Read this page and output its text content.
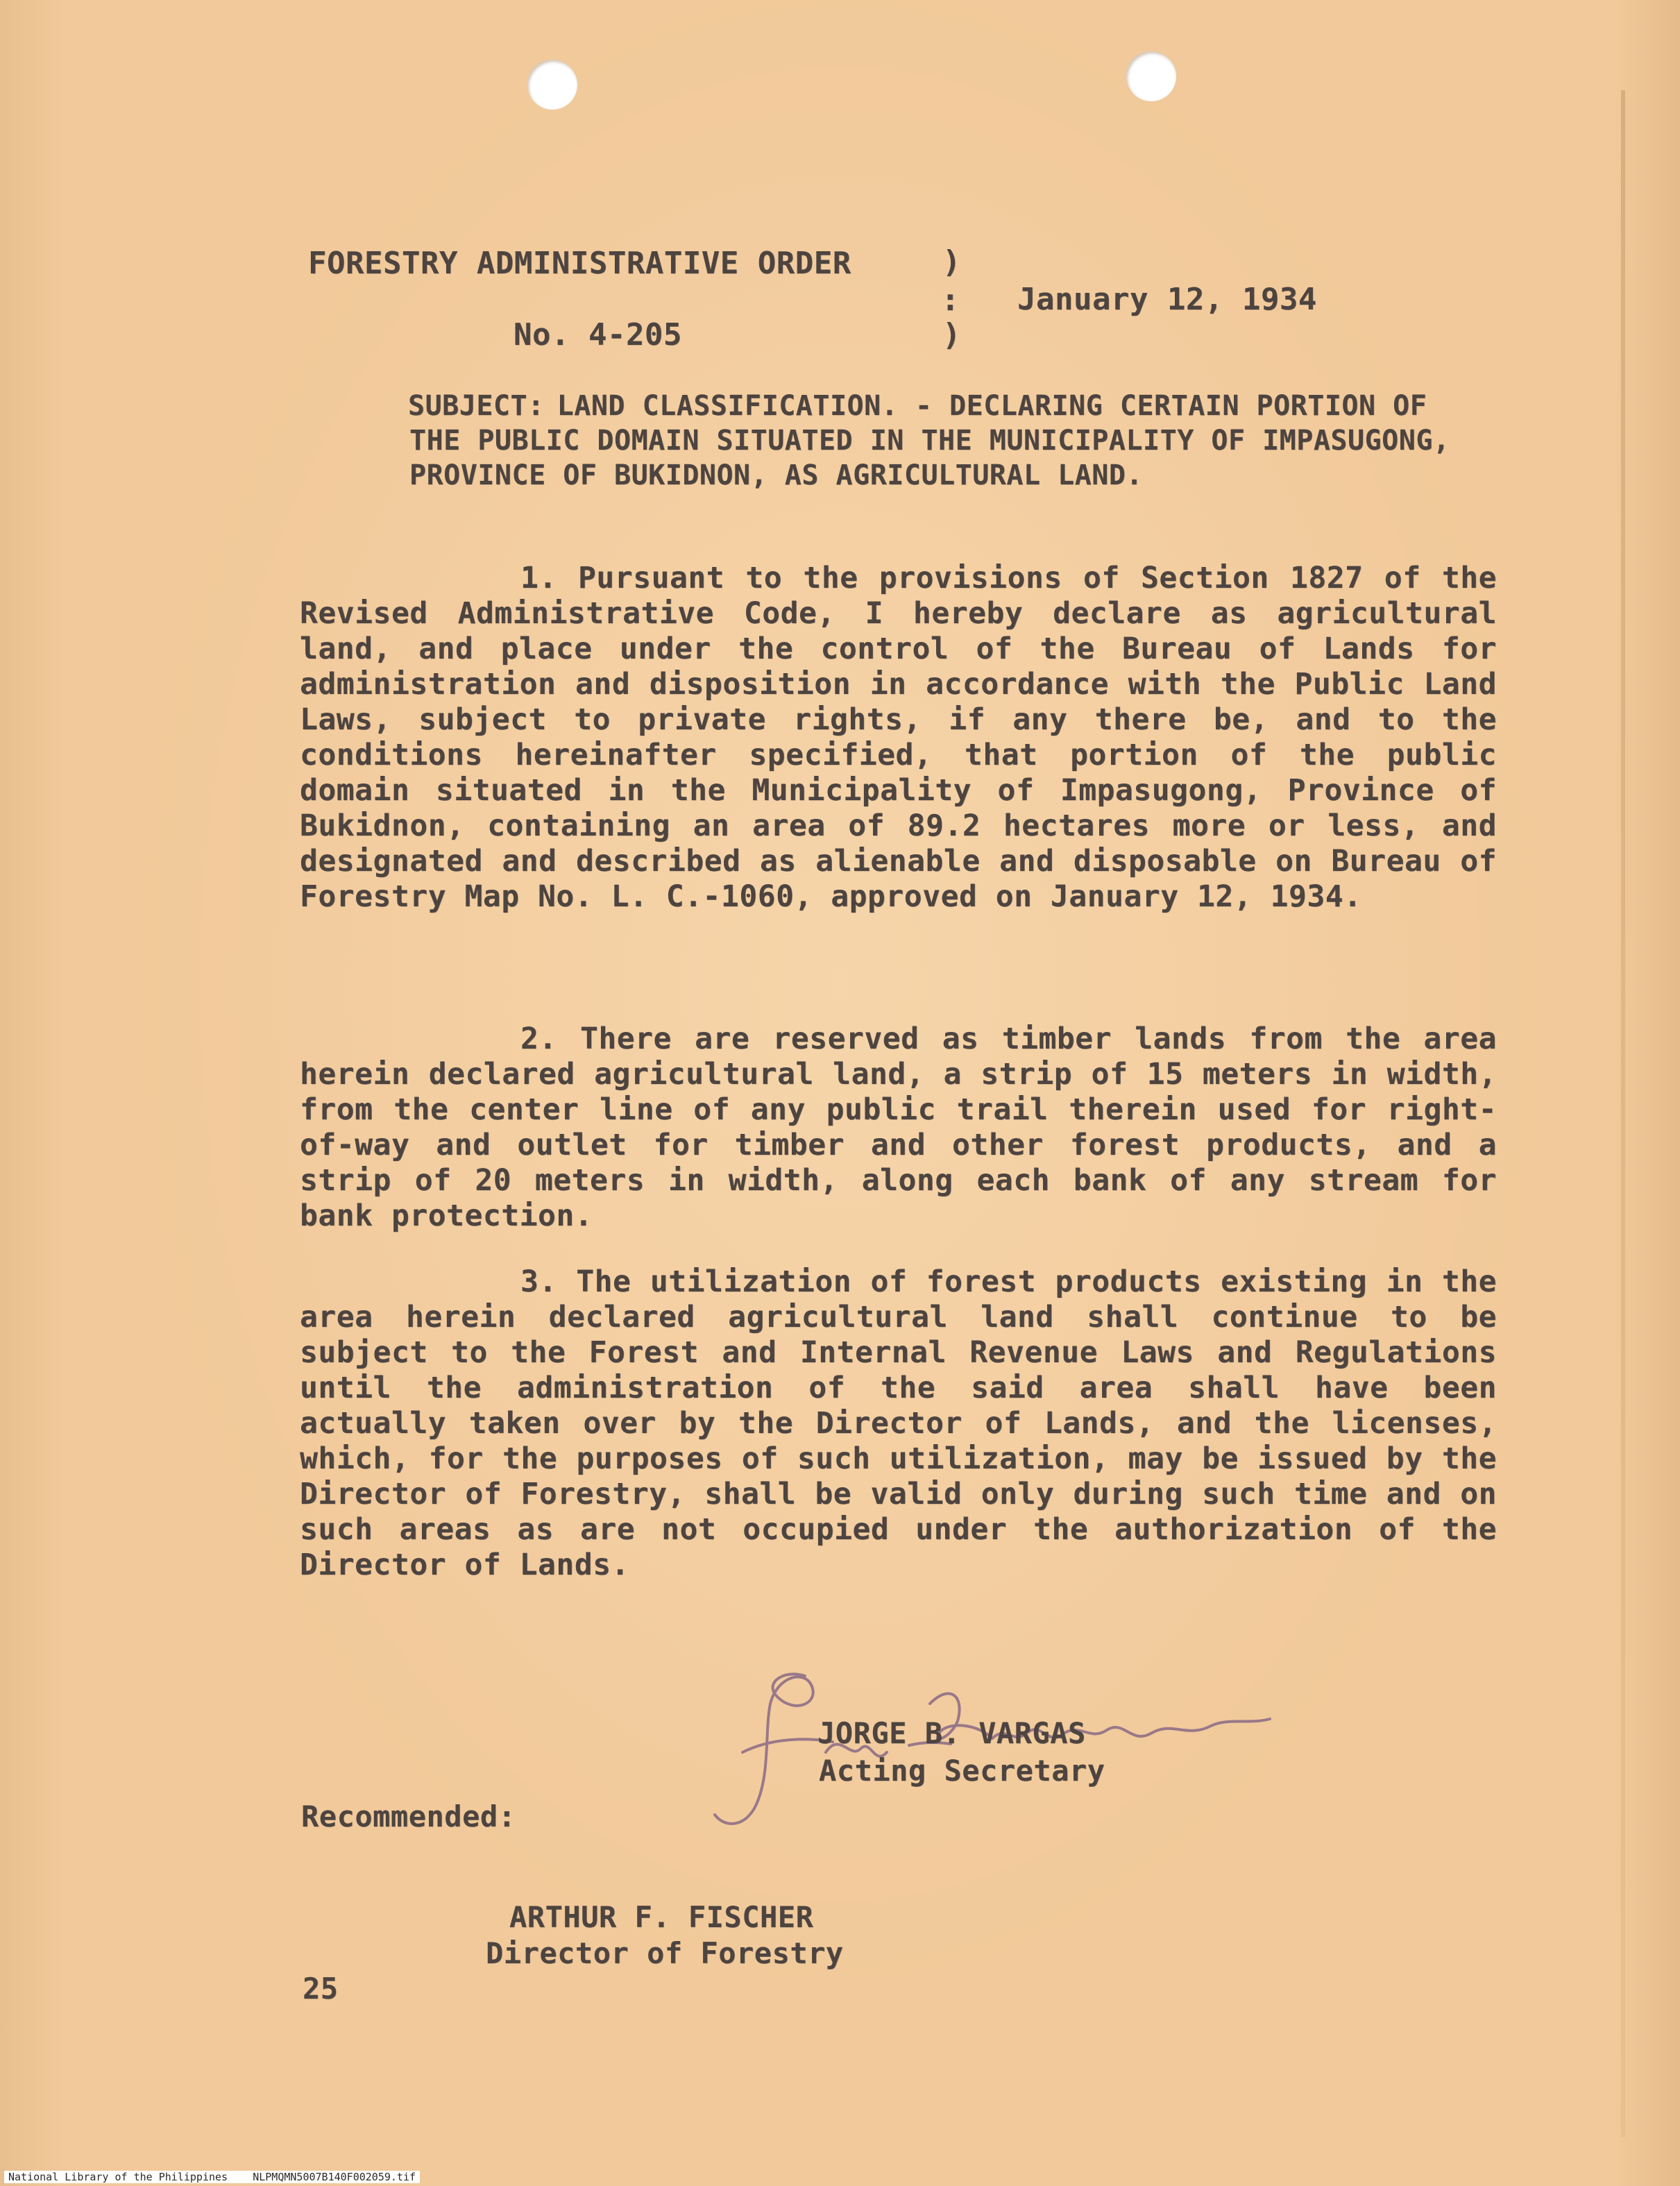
FORESTRY ADMINISTRATIVE ORDER	)
:
)
No. 4-205
January 12, 1934
SUBJECT: LAND CLASSIFICATION. - DECLARING CERTAIN PORTION OF THE PUBLIC DOMAIN SITUATED IN THE MUNICIPALITY OF IMPASUGONG, PROVINCE OF BUKIDNON, AS AGRICULTURAL LAND.
1. Pursuant to the provisions of Section 1827 of the Revised Administrative Code, I hereby declare as agricultural land, and place under the control of the Bureau of Lands for administration and disposition in accordance with the Public Land Laws, subject to private rights, if any there be, and to the conditions hereinafter specified, that portion of the public domain situated in the Municipality of Impasugong, Province of Bukidnon, containing an area of 89.2 hectares more or less, and designated and described as alienable and disposable on Bureau of Forestry Map No. L. C.-1060, approved on January 12, 1934.
2. There are reserved as timber lands from the area herein declared agricultural land, a strip of 15 meters in width, from the center line of any public trail therein used for right-of-way and outlet for timber and other forest products, and a strip of 20 meters in width, along each bank of any stream for bank protection.
3. The utilization of forest products existing in the area herein declared agricultural land shall continue to be subject to the Forest and Internal Revenue Laws and Regulations until the administration of the said area shall have been actually taken over by the Director of Lands, and the licenses, which, for the purposes of such utilization, may be issued by the Director of Forestry, shall be valid only during such time and on such areas as are not occupied under the authorization of the Director of Lands.
JORGE B. VARGAS
Acting Secretary
Recommended:
ARTHUR F. FISCHER
Director of Forestry
25
National Library of the Philippines    NLPMQMN5007B140F002059.tif
